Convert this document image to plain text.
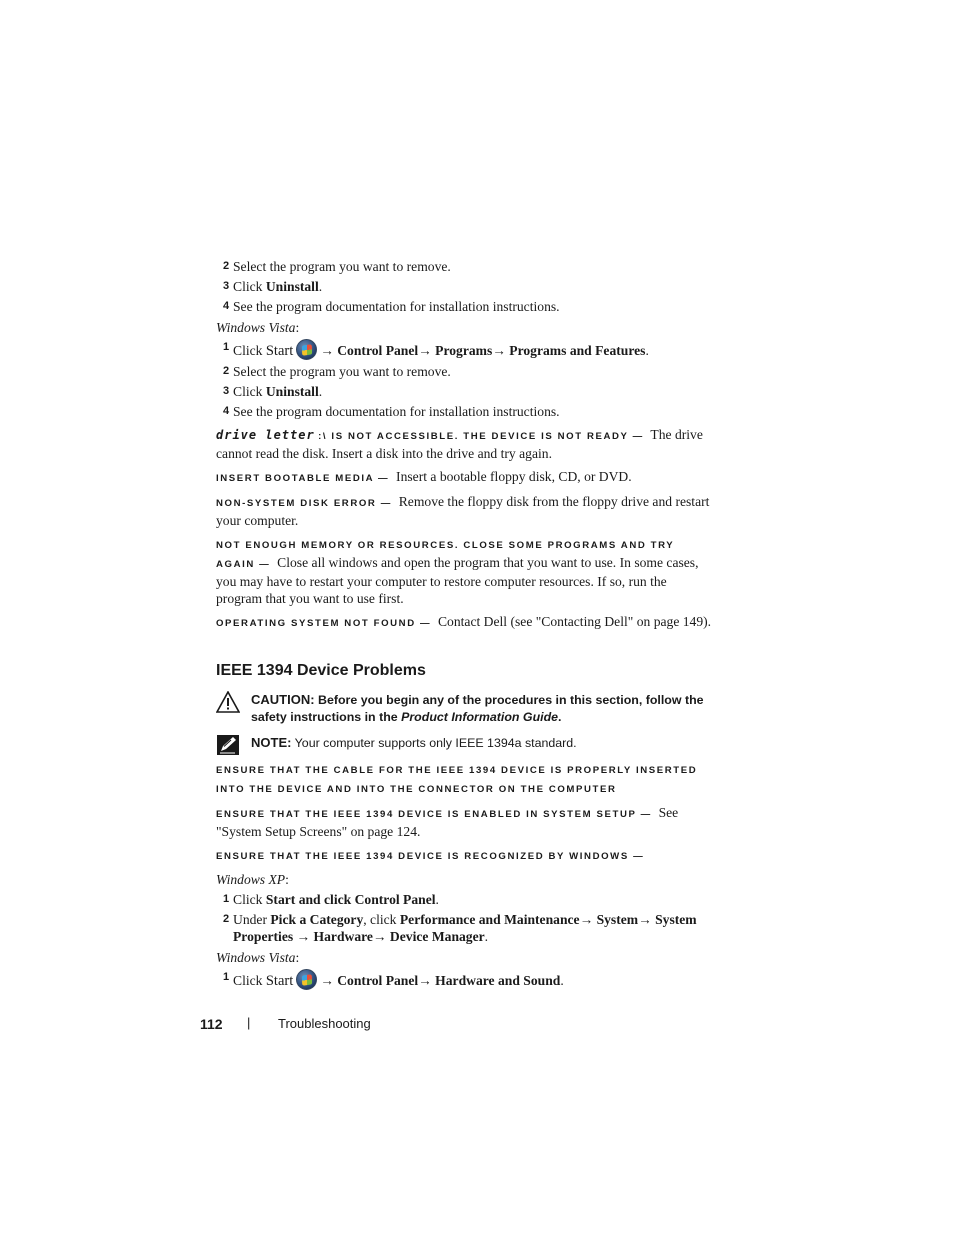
2 Select the program you want to remove.
3 Click Uninstall.
4 See the program documentation for installation instructions.
Windows Vista:
1 Click Start → Control Panel→ Programs→ Programs and Features.
2 Select the program you want to remove.
3 Click Uninstall.
4 See the program documentation for installation instructions.
drive letter :\ IS NOT ACCESSIBLE. THE DEVICE IS NOT READY — The drive cannot read the disk. Insert a disk into the drive and try again.
INSERT BOOTABLE MEDIA — Insert a bootable floppy disk, CD, or DVD.
NON-SYSTEM DISK ERROR — Remove the floppy disk from the floppy drive and restart your computer.
NOT ENOUGH MEMORY OR RESOURCES. CLOSE SOME PROGRAMS AND TRY AGAIN — Close all windows and open the program that you want to use. In some cases, you may have to restart your computer to restore computer resources. If so, run the program that you want to use first.
OPERATING SYSTEM NOT FOUND — Contact Dell (see "Contacting Dell" on page 149).
IEEE 1394 Device Problems
CAUTION: Before you begin any of the procedures in this section, follow the safety instructions in the Product Information Guide.
NOTE: Your computer supports only IEEE 1394a standard.
ENSURE THAT THE CABLE FOR THE IEEE 1394 DEVICE IS PROPERLY INSERTED INTO THE DEVICE AND INTO THE CONNECTOR ON THE COMPUTER
ENSURE THAT THE IEEE 1394 DEVICE IS ENABLED IN SYSTEM SETUP — See "System Setup Screens" on page 124.
ENSURE THAT THE IEEE 1394 DEVICE IS RECOGNIZED BY WINDOWS —
Windows XP:
1 Click Start and click Control Panel.
2 Under Pick a Category, click Performance and Maintenance→ System→ System Properties → Hardware→ Device Manager.
Windows Vista:
1 Click Start → Control Panel→ Hardware and Sound.
112 | Troubleshooting
